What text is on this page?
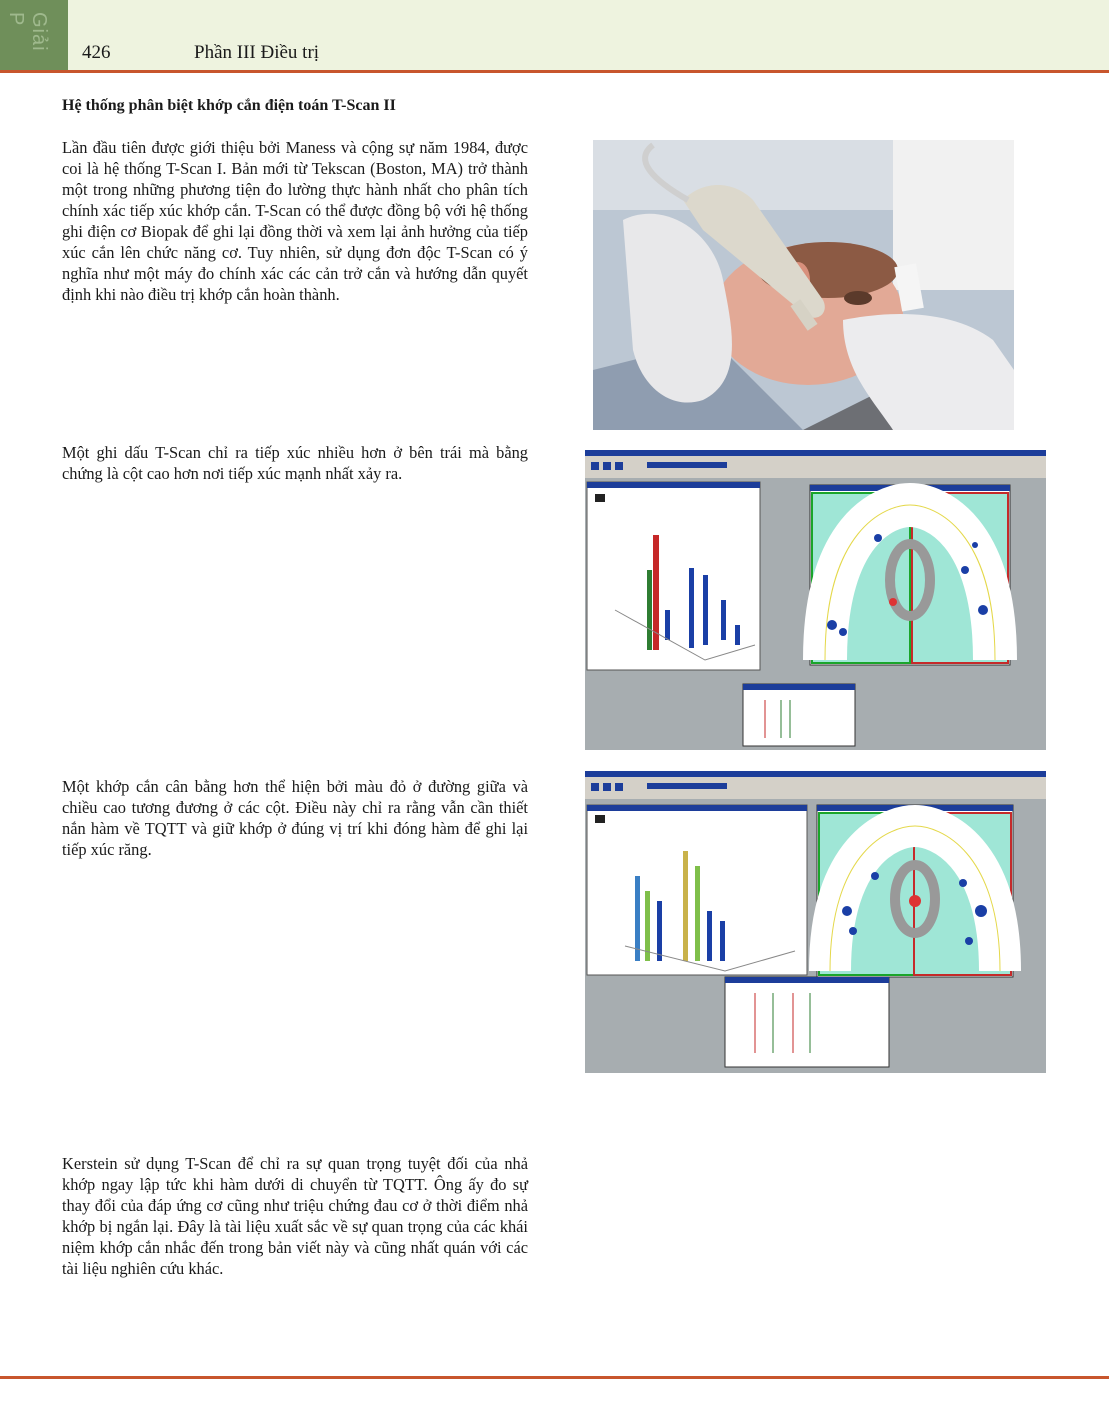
Giải P
426	Phần III Điều trị
Hệ thống phân biệt khớp cắn điện toán T-Scan II

Lần đầu tiên được giới thiệu bởi Maness và cộng sự năm 1984, được coi là hệ thống T-Scan I. Bản mới từ Tekscan (Boston, MA) trở thành một trong những phương tiện đo lường thực hành nhất cho phân tích chính xác tiếp xúc khớp cắn. T-Scan có thể được đồng bộ với hệ thống ghi điện cơ Biopak để ghi lại đồng thời và xem lại ảnh hưởng của tiếp xúc cắn lên chức năng cơ. Tuy nhiên, sử dụng đơn độc T-Scan có ý nghĩa như một máy đo chính xác các cản trở cắn và hướng dẫn quyết định khi nào điều trị khớp cắn hoàn thành.

Một ghi dấu T-Scan chỉ ra tiếp xúc nhiều hơn ở bên trái mà bằng chứng là cột cao hơn nơi tiếp xúc mạnh nhất xảy ra.

Một khớp cắn cân bằng hơn thể hiện bởi màu đỏ ở đường giữa và chiều cao tương đương ở các cột. Điều này chỉ ra rằng vẫn cần thiết nắn hàm về TQTT và giữ khớp ở đúng vị trí khi đóng hàm để ghi lại tiếp xúc răng.

Kerstein sử dụng T-Scan để chỉ ra sự quan trọng tuyệt đối của nhả khớp ngay lập tức khi hàm dưới di chuyển từ TQTT. Ông ấy đo sự thay đổi của đáp ứng cơ cũng như triệu chứng đau cơ ở thời điểm nhả khớp bị ngắn lại. Đây là tài liệu xuất sắc về sự quan trọng của các khái niệm khớp cắn nhắc đến trong bản viết này và cũng nhất quán với các tài liệu nghiên cứu khác.
